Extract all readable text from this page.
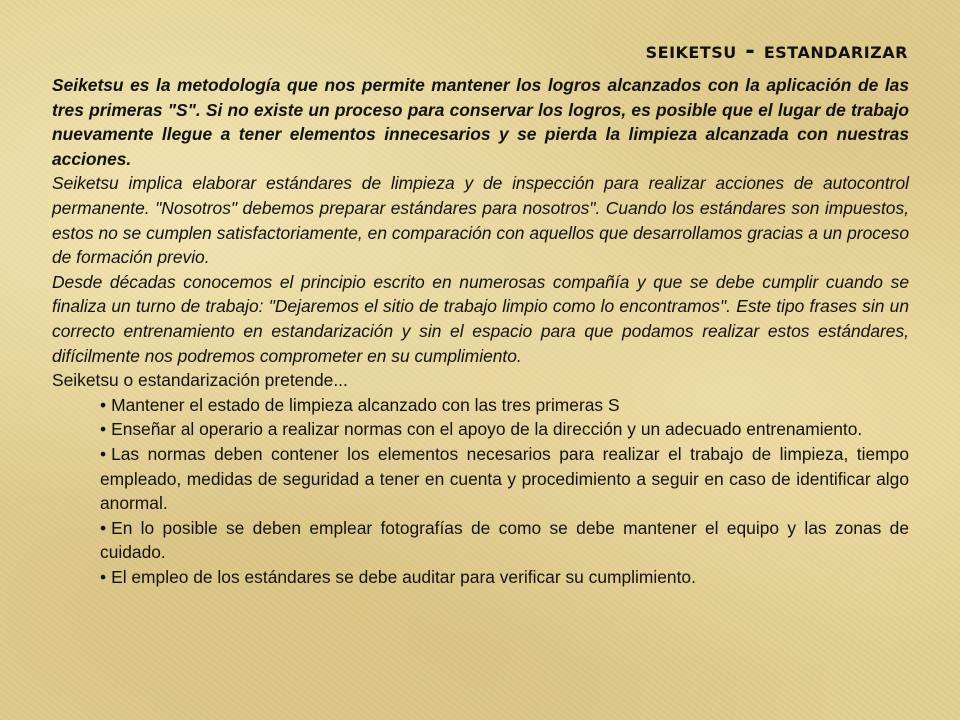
seiketsu - estandarizar

Seiketsu es la metodología que nos permite mantener los logros alcanzados con la aplicación de las tres primeras "S". Si no existe un proceso para conservar los logros, es posible que el lugar de trabajo nuevamente llegue a tener elementos innecesarios y se pierda la limpieza alcanzada con nuestras acciones.

Seiketsu implica elaborar estándares de limpieza y de inspección para realizar acciones de autocontrol permanente. "Nosotros" debemos preparar estándares para nosotros". Cuando los estándares son impuestos, estos no se cumplen satisfactoriamente, en comparación con aquellos que desarrollamos gracias a un proceso de formación previo.

Desde décadas conocemos el principio escrito en numerosas compañía y que se debe cumplir cuando se finaliza un turno de trabajo: "Dejaremos el sitio de trabajo limpio como lo encontramos". Este tipo frases sin un correcto entrenamiento en estandarización y sin el espacio para que podamos realizar estos estándares, difícilmente nos podremos comprometer en su cumplimiento.

Seiketsu o estandarización pretende...

• Mantener el estado de limpieza alcanzado con las tres primeras S
• Enseñar al operario a realizar normas con el apoyo de la dirección y un adecuado entrenamiento.
• Las normas deben contener los elementos necesarios para realizar el trabajo de limpieza, tiempo empleado, medidas de seguridad a tener en cuenta y procedimiento a seguir en caso de identificar algo anormal.
• En lo posible se deben emplear fotografías de como se debe mantener el equipo y las zonas de cuidado.
• El empleo de los estándares se debe auditar para verificar su cumplimiento.
